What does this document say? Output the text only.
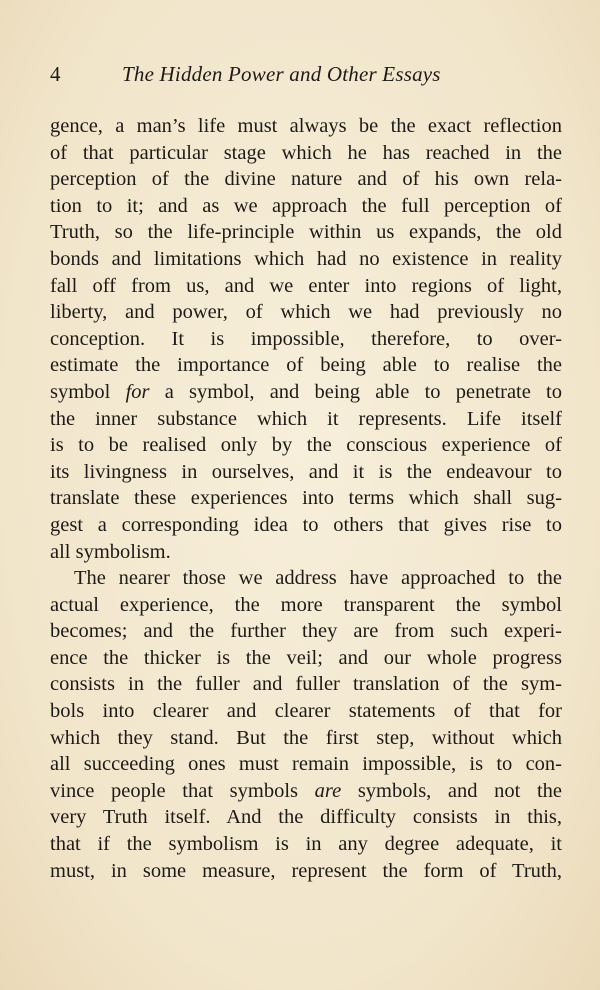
4	The Hidden Power and Other Essays
gence, a man’s life must always be the exact reflection
of that particular stage which he has reached in the
perception of the divine nature and of his own rela-
tion to it; and as we approach the full perception of
Truth, so the life-principle within us expands, the old
bonds and limitations which had no existence in reality
fall off from us, and we enter into regions of light,
liberty, and power, of which we had previously no
conception. It is impossible, therefore, to over-
estimate the importance of being able to realise the
symbol for a symbol, and being able to penetrate to
the inner substance which it represents. Life itself
is to be realised only by the conscious experience of
its livingness in ourselves, and it is the endeavour to
translate these experiences into terms which shall sug-
gest a corresponding idea to others that gives rise to
all symbolism.
The nearer those we address have approached to the
actual experience, the more transparent the symbol
becomes; and the further they are from such experi-
ence the thicker is the veil; and our whole progress
consists in the fuller and fuller translation of the sym-
bols into clearer and clearer statements of that for
which they stand. But the first step, without which
all succeeding ones must remain impossible, is to con-
vince people that symbols are symbols, and not the
very Truth itself. And the difficulty consists in this,
that if the symbolism is in any degree adequate, it
must, in some measure, represent the form of Truth,
